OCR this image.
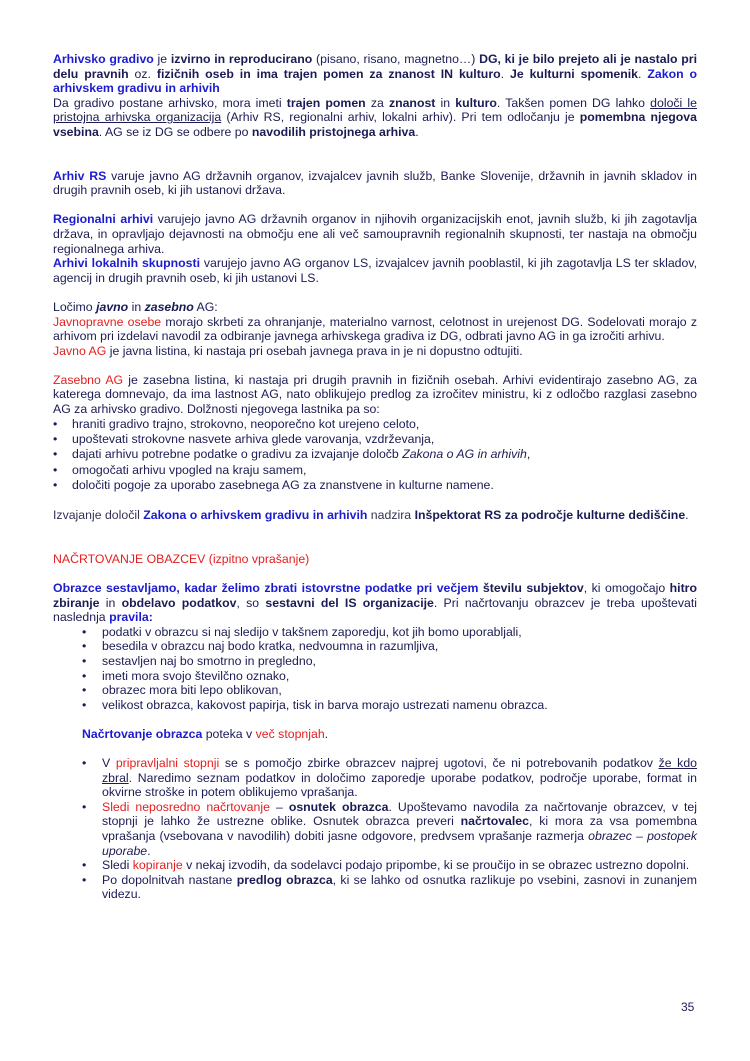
Arhivsko gradivo je izvirno in reproducirano (pisano, risano, magnetno…) DG, ki je bilo prejeto ali je nastalo pri delu pravnih oz. fizičnih oseb in ima trajen pomen za znanost IN kulturo. Je kulturni spomenik. Zakon o arhivskem gradivu in arhivih

Da gradivo postane arhivsko, mora imeti trajen pomen za znanost in kulturo. Takšen pomen DG lahko določi le pristojna arhivska organizacija (Arhiv RS, regionalni arhiv, lokalni arhiv). Pri tem odločanju je pomembna njegova vsebina. AG se iz DG se odbere po navodilih pristojnega arhiva.

Arhiv RS varuje javno AG državnih organov, izvajalcev javnih služb, Banke Slovenije, državnih in javnih skladov in drugih pravnih oseb, ki jih ustanovi država.

Regionalni arhivi varujejo javno AG državnih organov in njihovih organizacijskih enot, javnih služb, ki jih zagotavlja država, in opravljajo dejavnosti na območju ene ali več samoupravnih regionalnih skupnosti, ter nastaja na območju regionalnega arhiva.

Arhivi lokalnih skupnosti varujejo javno AG organov LS, izvajalcev javnih pooblastil, ki jih zagotavlja LS ter skladov, agencij in drugih pravnih oseb, ki jih ustanovi LS.

Ločimo javno in zasebno AG:

Javnopravne osebe morajo skrbeti za ohranjanje, materialno varnost, celotnost in urejenost DG. Sodelovati morajo z arhivom pri izdelavi navodil za odbiranje javnega arhivskega gradiva iz DG, odbrati javno AG in ga izročiti arhivu.

Javno AG je javna listina, ki nastaja pri osebah javnega prava in je ni dopustno odtujiti.

Zasebno AG je zasebna listina, ki nastaja pri drugih pravnih in fizičnih osebah. Arhivi evidentirajo zasebno AG, za katerega domnevajo, da ima lastnost AG, nato oblikujejo predlog za izročitev ministru, ki z odločbo razglasi zasebno AG za arhivsko gradivo. Dolžnosti njegovega lastnika pa so:

• hraniti gradivo trajno, strokovno, neoporečno kot urejeno celoto,
• upoštevati strokovne nasvete arhiva glede varovanja, vzdrževanja,
• dajati arhivu potrebne podatke o gradivu za izvajanje določb Zakona o AG in arhivih,
• omogočati arhivu vpogled na kraju samem,
• določiti pogoje za uporabo zasebnega AG za znanstvene in kulturne namene.

Izvajanje določil Zakona o arhivskem gradivu in arhivih nadzira Inšpektorat RS za področje kulturne dediščine.

NAČRTOVANJE OBAZCEV (izpitno vprašanje)

Obrazce sestavljamo, kadar želimo zbrati istovrstne podatke pri večjem številu subjektov, ki omogočajo hitro zbiranje in obdelavo podatkov, so sestavni del IS organizacije. Pri načrtovanju obrazcev je treba upoštevati naslednja pravila:

• podatki v obrazcu si naj sledijo v takšnem zaporedju, kot jih bomo uporabljali,
• besedila v obrazcu naj bodo kratka, nedvoumna in razumljiva,
• sestavljen naj bo smotrno in pregledno,
• imeti mora svojo številčno oznako,
• obrazec mora biti lepo oblikovan,
• velikost obrazca, kakovost papirja, tisk in barva morajo ustrezati namenu obrazca.

Načrtovanje obrazca poteka v več stopnjah.

• V pripravljalni stopnji se s pomočjo zbirke obrazcev najprej ugotovi, če ni potrebovanih podatkov že kdo zbral. Naredimo seznam podatkov in določimo zaporedje uporabe podatkov, področje uporabe, format in okvirne stroške in potem oblikujemo vprašanja.
• Sledi neposredno načrtovanje – osnutek obrazca. Upoštevamo navodila za načrtovanje obrazcev, v tej stopnji je lahko že ustrezne oblike. Osnutek obrazca preveri načrtovalec, ki mora za vsa pomembna vprašanja (vsebovana v navodilih) dobiti jasne odgovore, predvsem vprašanje razmerja obrazec – postopek uporabe.
• Sledi kopiranje v nekaj izvodih, da sodelavci podajo pripombe, ki se proučijo in se obrazec ustrezno dopolni.
• Po dopolnitvah nastane predlog obrazca, ki se lahko od osnutka razlikuje po vsebini, zasnovi in zunanjem videzu.
35
